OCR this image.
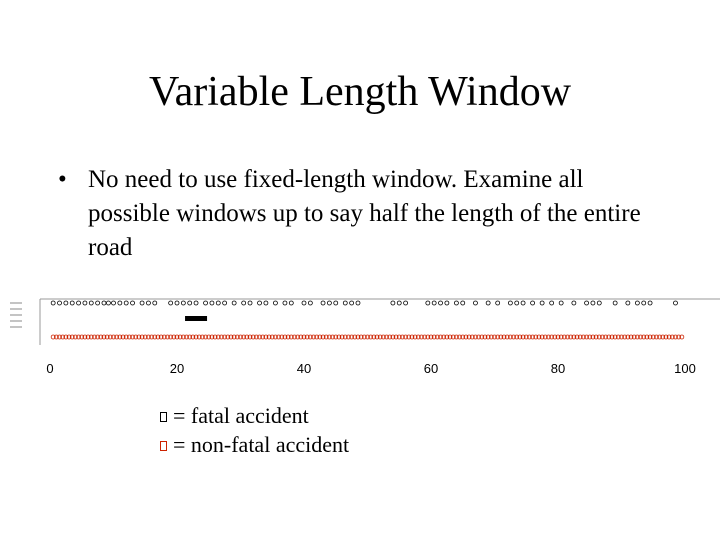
Variable Length Window
• No need to use fixed-length window. Examine all possible windows up to say half the length of the entire road
0	20	40	60	80	100
= fatal accident
= non-fatal accident
